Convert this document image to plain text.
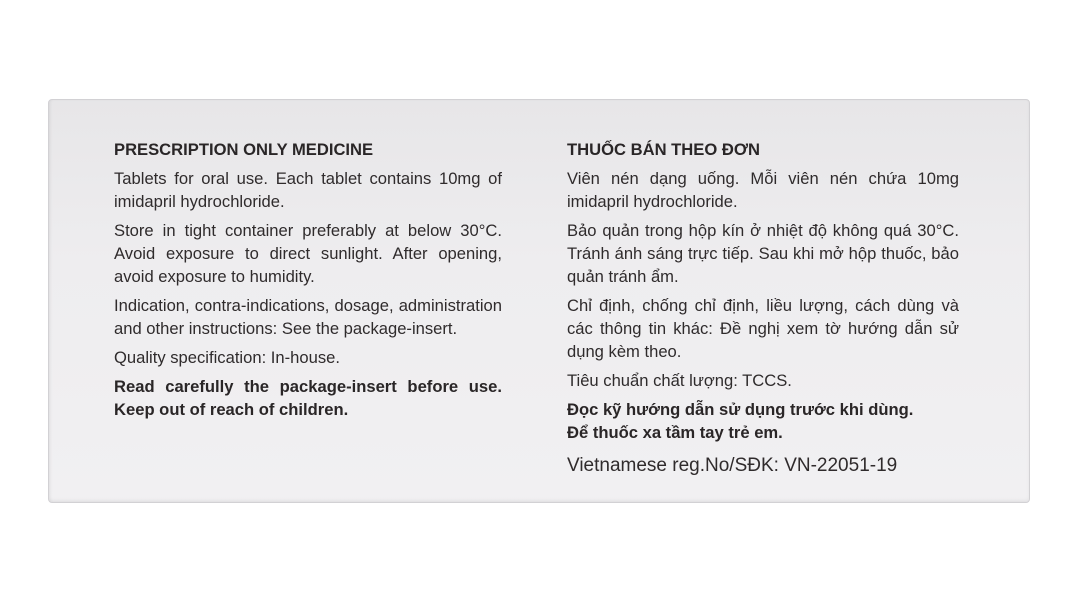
PRESCRIPTION ONLY MEDICINE
Tablets for oral use. Each tablet contains 10mg of imidapril hydrochloride.
Store in tight container preferably at below 30°C. Avoid exposure to direct sunlight. After opening, avoid exposure to humidity.
Indication, contra-indications, dosage, administration and other instructions: See the package-insert.
Quality specification: In-house.
Read carefully the package-insert before use. Keep out of reach of children.
THUỐC BÁN THEO ĐƠN
Viên nén dạng uống. Mỗi viên nén chứa 10mg imidapril hydrochloride.
Bảo quản trong hộp kín ở nhiệt độ không quá 30°C. Tránh ánh sáng trực tiếp. Sau khi mở hộp thuốc, bảo quản tránh ẩm.
Chỉ định, chống chỉ định, liều lượng, cách dùng và các thông tin khác: Đề nghị xem tờ hướng dẫn sử dụng kèm theo.
Tiêu chuẩn chất lượng: TCCS.
Đọc kỹ hướng dẫn sử dụng trước khi dùng.
Để thuốc xa tầm tay trẻ em.
Vietnamese reg.No/SĐK: VN-22051-19
